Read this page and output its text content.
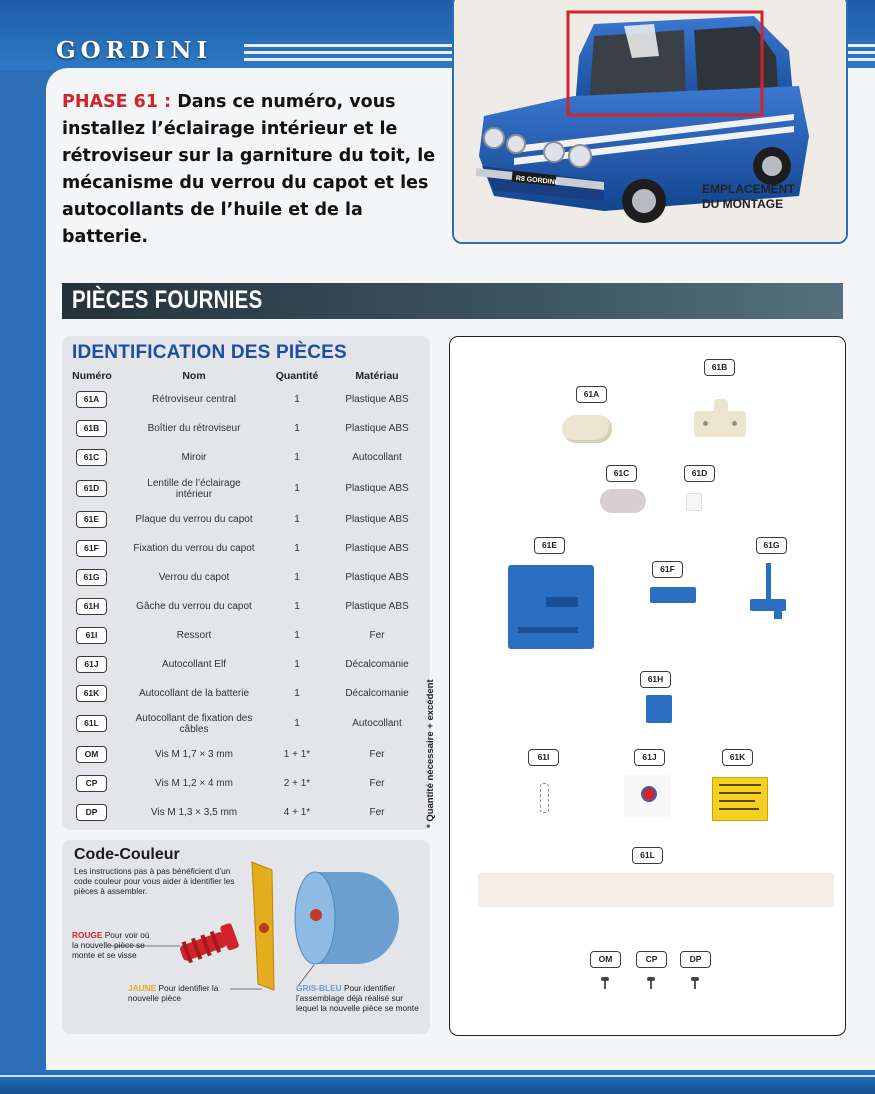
GORDINI
PHASE 61 : Dans ce numéro, vous installez l’éclairage intérieur et le rétroviseur sur la garniture du toit, le mécanisme du verrou du capot et les autocollants de l’huile et de la batterie.
R8 GORDINI
EMPLACEMENT
DU MONTAGE
PIÈCES FOURNIES
IDENTIFICATION DES PIÈCES
Numéro	Nom	Quantité	Matériau
61A	Rétroviseur central	1	Plastique ABS
61B	Boîtier du rétroviseur	1	Plastique ABS
61C	Miroir	1	Autocollant
61D	Lentille de l’éclairage intérieur	1	Plastique ABS
61E	Plaque du verrou du capot	1	Plastique ABS
61F	Fixation du verrou du capot	1	Plastique ABS
61G	Verrou du capot	1	Plastique ABS
61H	Gâche du verrou du capot	1	Plastique ABS
61I	Ressort	1	Fer
61J	Autocollant Elf	1	Décalcomanie
61K	Autocollant de la batterie	1	Décalcomanie
61L	Autocollant de fixation des câbles	1	Autocollant
OM	Vis M 1,7 × 3 mm	1 + 1*	Fer
CP	Vis M 1,2 × 4 mm	2 + 1*	Fer
DP	Vis M 1,3 × 3,5 mm	4 + 1*	Fer	* Quantité nécessaire + excédent
Code-Couleur
Les instructions pas à pas bénéficient d’un code couleur pour vous aider à identifier les pièces à assembler.
ROUGE Pour voir où la nouvelle pièce se monte et se visse
JAUNE Pour identifier la nouvelle pièce
GRIS-BLEU Pour identifier l’assemblage déjà réalisé sur lequel la nouvelle pièce se monte
61A
61B
61C	61D
61E
61F
61G
61H
61I	61J	61K
61L
OM	CP	DP
